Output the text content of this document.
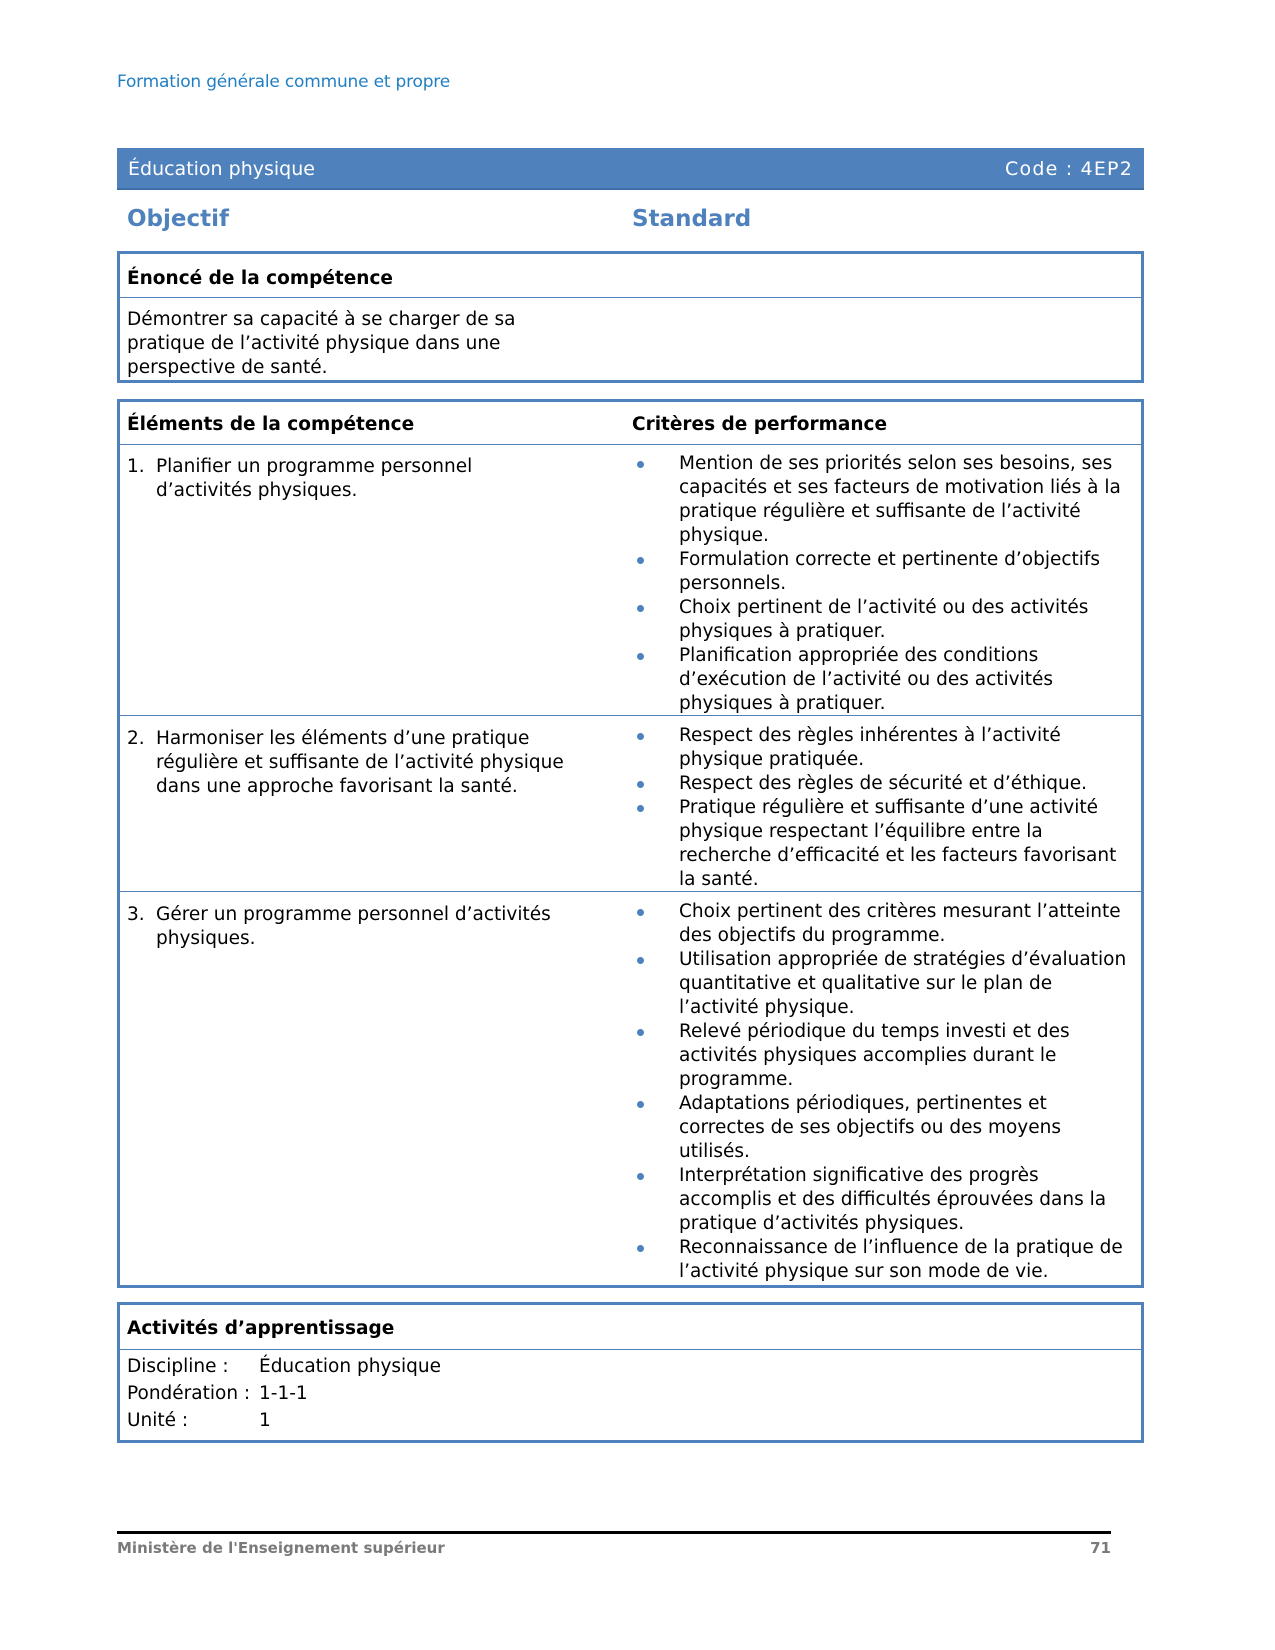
Formation générale commune et propre
Éducation physique	Code : 4EP2
Objectif	Standard
Énoncé de la compétence
Démontrer sa capacité à se charger de sa
pratique de l’activité physique dans une
perspective de santé.
Éléments de la compétence	Critères de performance
1. Planifier un programme personnel
d’activités physiques.
Mention de ses priorités selon ses besoins, ses capacités et ses facteurs de motivation liés à la pratique régulière et suffisante de l’activité physique.
Formulation correcte et pertinente d’objectifs personnels.
Choix pertinent de l’activité ou des activités physiques à pratiquer.
Planification appropriée des conditions d’exécution de l’activité ou des activités physiques à pratiquer.
2. Harmoniser les éléments d’une pratique
régulière et suffisante de l’activité physique
dans une approche favorisant la santé.
Respect des règles inhérentes à l’activité physique pratiquée.
Respect des règles de sécurité et d’éthique.
Pratique régulière et suffisante d’une activité physique respectant l’équilibre entre la recherche d’efficacité et les facteurs favorisant la santé.
3. Gérer un programme personnel d’activités
physiques.
Choix pertinent des critères mesurant l’atteinte des objectifs du programme.
Utilisation appropriée de stratégies d’évaluation quantitative et qualitative sur le plan de l’activité physique.
Relevé périodique du temps investi et des activités physiques accomplies durant le programme.
Adaptations périodiques, pertinentes et correctes de ses objectifs ou des moyens utilisés.
Interprétation significative des progrès accomplis et des difficultés éprouvées dans la pratique d’activités physiques.
Reconnaissance de l’influence de la pratique de l’activité physique sur son mode de vie.
Activités d’apprentissage
Discipline : Éducation physique
Pondération : 1-1-1
Unité :	1
Ministère de l'Enseignement supérieur	71
